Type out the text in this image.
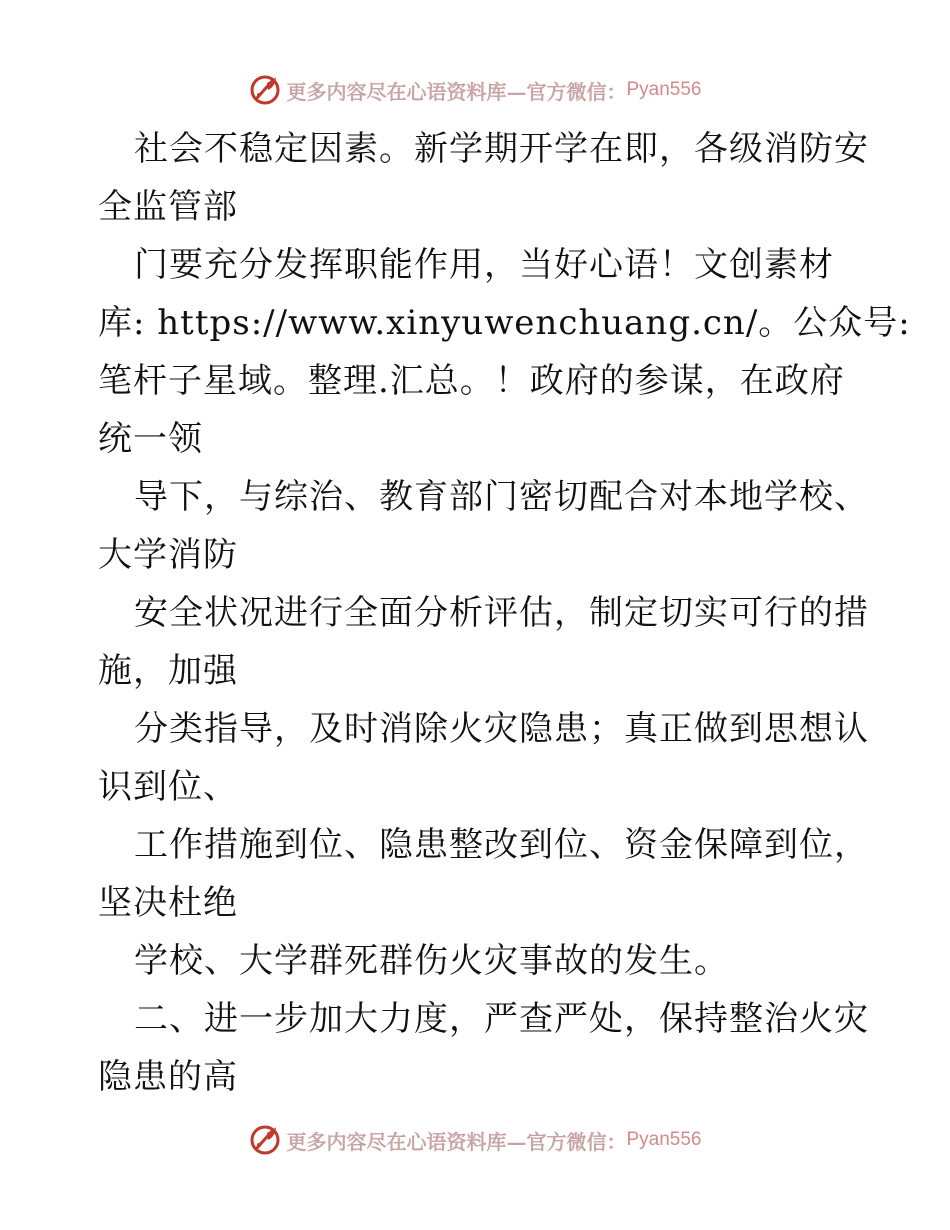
更多内容尽在心语资料库—官方微信： Pyan556
社会不稳定因素。新学期开学在即，各级消防安
全监管部
门要充分发挥职能作用，当好心语！文创素材
库: https://www.xinyuwenchuang.cn/。公众号:
笔杆子星域。整理.汇总。！政府的参谋，在政府
统一领
导下，与综治、教育部门密切配合对本地学校、
大学消防
安全状况进行全面分析评估，制定切实可行的措
施，加强
分类指导，及时消除火灾隐患；真正做到思想认
识到位、
工作措施到位、隐患整改到位、资金保障到位，
坚决杜绝
学校、大学群死群伤火灾事故的发生。
二、进一步加大力度，严查严处，保持整治火灾
隐患的高
更多内容尽在心语资料库—官方微信： Pyan556
